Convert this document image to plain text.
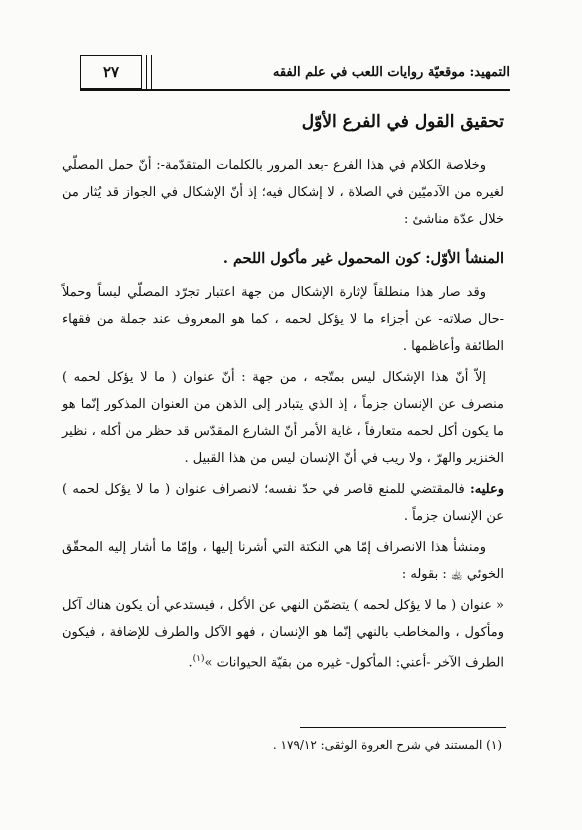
٢٧	التمهيد: موقعيّة روايات اللعب في علم الفقه
تحقيق القول في الفرع الأوّل

وخلاصة الكلام في هذا الفرع -بعد المرور بالكلمات المتقدّمة-: أنّ حمل المصلّي لغيره من الآدميّين في الصلاة ، لا إشكال فيه؛ إذ أنّ الإشكال في الجواز قد يُثار من خلال عدّة مناشئ :

المنشأ الأوّل: كون المحمول غير مأكول اللحم .

وقد صار هذا منطلقاً لإثارة الإشكال من جهة اعتبار تجرّد المصلّي لبساً وحملاً -حال صلاته- عن أجزاء ما لا يؤكل لحمه ، كما هو المعروف عند جملة من فقهاء الطائفة وأعاظمها .

إلاّ أنّ هذا الإشكال ليس بمتّجه ، من جهة : أنّ عنوان ( ما لا يؤكل لحمه ) منصرف عن الإنسان جزماً ، إذ الذي يتبادر إلى الذهن من العنوان المذكور إنّما هو ما يكون أكل لحمه متعارفاً ، غاية الأمر أنّ الشارع المقدّس قد حظر من أكله ، نظير الخنزير والهرّ ، ولا ريب في أنّ الإنسان ليس من هذا القبيل .

وعليه: فالمقتضي للمنع قاصر في حدّ نفسه؛ لانصراف عنوان ( ما لا يؤكل لحمه ) عن الإنسان جزماً .

ومنشأ هذا الانصراف إمّا هي النكتة التي أشرنا إليها ، وإمّا ما أشار إليه المحقّق الخوئي ﵀ : بقوله :

« عنوان ( ما لا يؤكل لحمه ) يتضمّن النهي عن الأكل ، فيستدعي أن يكون هناك آكل ومأكول ، والمخاطب بالنهي إنّما هو الإنسان ، فهو الآكل والطرف للإضافة ، فيكون الطرف الآخر -أعني: المأكول- غيره من بقيّة الحيوانات »$^{(١)}$.

(١) المستند في شرح العروة الوثقى: ١٧٩/١٢ .
